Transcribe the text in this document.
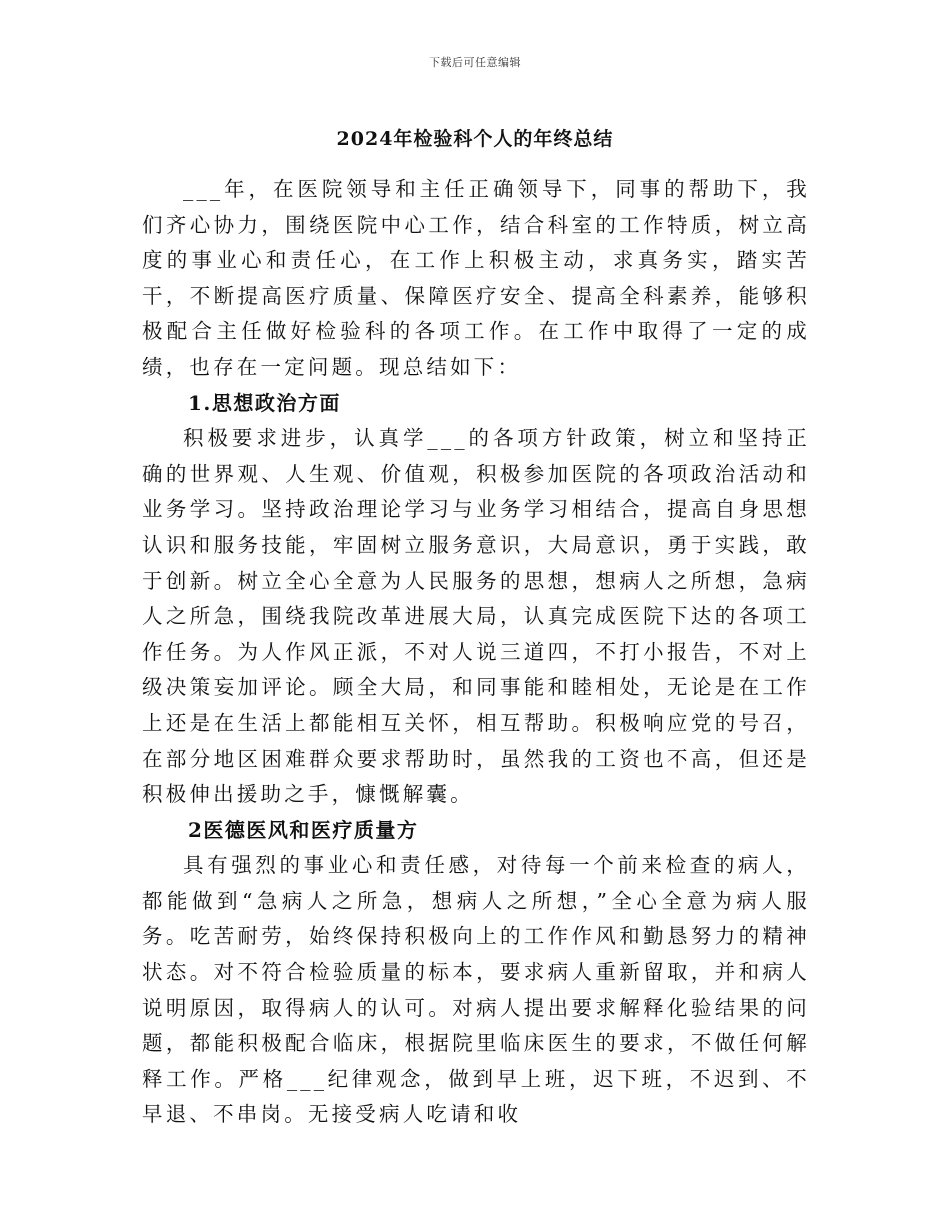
下载后可任意编辑
2024年检验科个人的年终总结

___年，在医院领导和主任正确领导下，同事的帮助下，我们齐心协力，围绕医院中心工作，结合科室的工作特质，树立高度的事业心和责任心，在工作上积极主动，求真务实，踏实苦干，不断提高医疗质量、保障医疗安全、提高全科素养，能够积极配合主任做好检验科的各项工作。在工作中取得了一定的成绩，也存在一定问题。现总结如下：

1.思想政治方面

积极要求进步，认真学___的各项方针政策，树立和坚持正确的世界观、人生观、价值观，积极参加医院的各项政治活动和业务学习。坚持政治理论学习与业务学习相结合，提高自身思想认识和服务技能，牢固树立服务意识，大局意识，勇于实践，敢于创新。树立全心全意为人民服务的思想，想病人之所想，急病人之所急，围绕我院改革进展大局，认真完成医院下达的各项工作任务。为人作风正派，不对人说三道四，不打小报告，不对上级决策妄加评论。顾全大局，和同事能和睦相处，无论是在工作上还是在生活上都能相互关怀，相互帮助。积极响应党的号召，在部分地区困难群众要求帮助时，虽然我的工资也不高，但还是积极伸出援助之手，慷慨解囊。

2医德医风和医疗质量方

具有强烈的事业心和责任感，对待每一个前来检查的病人，都能做到“急病人之所急，想病人之所想，”全心全意为病人服务。吃苦耐劳，始终保持积极向上的工作作风和勤恳努力的精神状态。对不符合检验质量的标本，要求病人重新留取，并和病人说明原因，取得病人的认可。对病人提出要求解释化验结果的问题，都能积极配合临床，根据院里临床医生的要求，不做任何解释工作。严格___纪律观念，做到早上班，迟下班，不迟到、不早退、不串岗。无接受病人吃请和收
